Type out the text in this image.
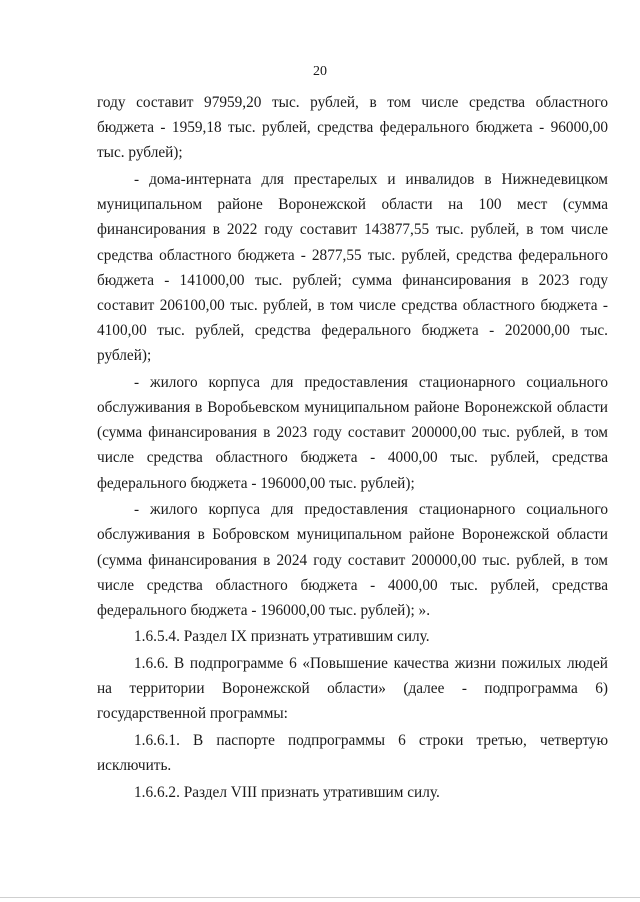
20

году составит 97959,20 тыс. рублей, в том числе средства областного бюджета - 1959,18 тыс. рублей, средства федерального бюджета - 96000,00 тыс. рублей);

- дома-интерната для престарелых и инвалидов в Нижнедевицком муниципальном районе Воронежской области на 100 мест (сумма финансирования в 2022 году составит 143877,55 тыс. рублей, в том числе средства областного бюджета - 2877,55 тыс. рублей, средства федерального бюджета - 141000,00 тыс. рублей; сумма финансирования в 2023 году составит 206100,00 тыс. рублей, в том числе средства областного бюджета - 4100,00 тыс. рублей, средства федерального бюджета - 202000,00 тыс. рублей);

- жилого корпуса для предоставления стационарного социального обслуживания в Воробьевском муниципальном районе Воронежской области (сумма финансирования в 2023 году составит 200000,00 тыс. рублей, в том числе средства областного бюджета - 4000,00 тыс. рублей, средства федерального бюджета - 196000,00 тыс. рублей);

- жилого корпуса для предоставления стационарного социального обслуживания в Бобровском муниципальном районе Воронежской области (сумма финансирования в 2024 году составит 200000,00 тыс. рублей, в том числе средства областного бюджета - 4000,00 тыс. рублей, средства федерального бюджета - 196000,00 тыс. рублей); ».

1.6.5.4. Раздел IX признать утратившим силу.

1.6.6. В подпрограмме 6 «Повышение качества жизни пожилых людей на территории Воронежской области» (далее - подпрограмма 6) государственной программы:

1.6.6.1. В паспорте подпрограммы 6 строки третью, четвертую исключить.

1.6.6.2. Раздел VIII признать утратившим силу.
